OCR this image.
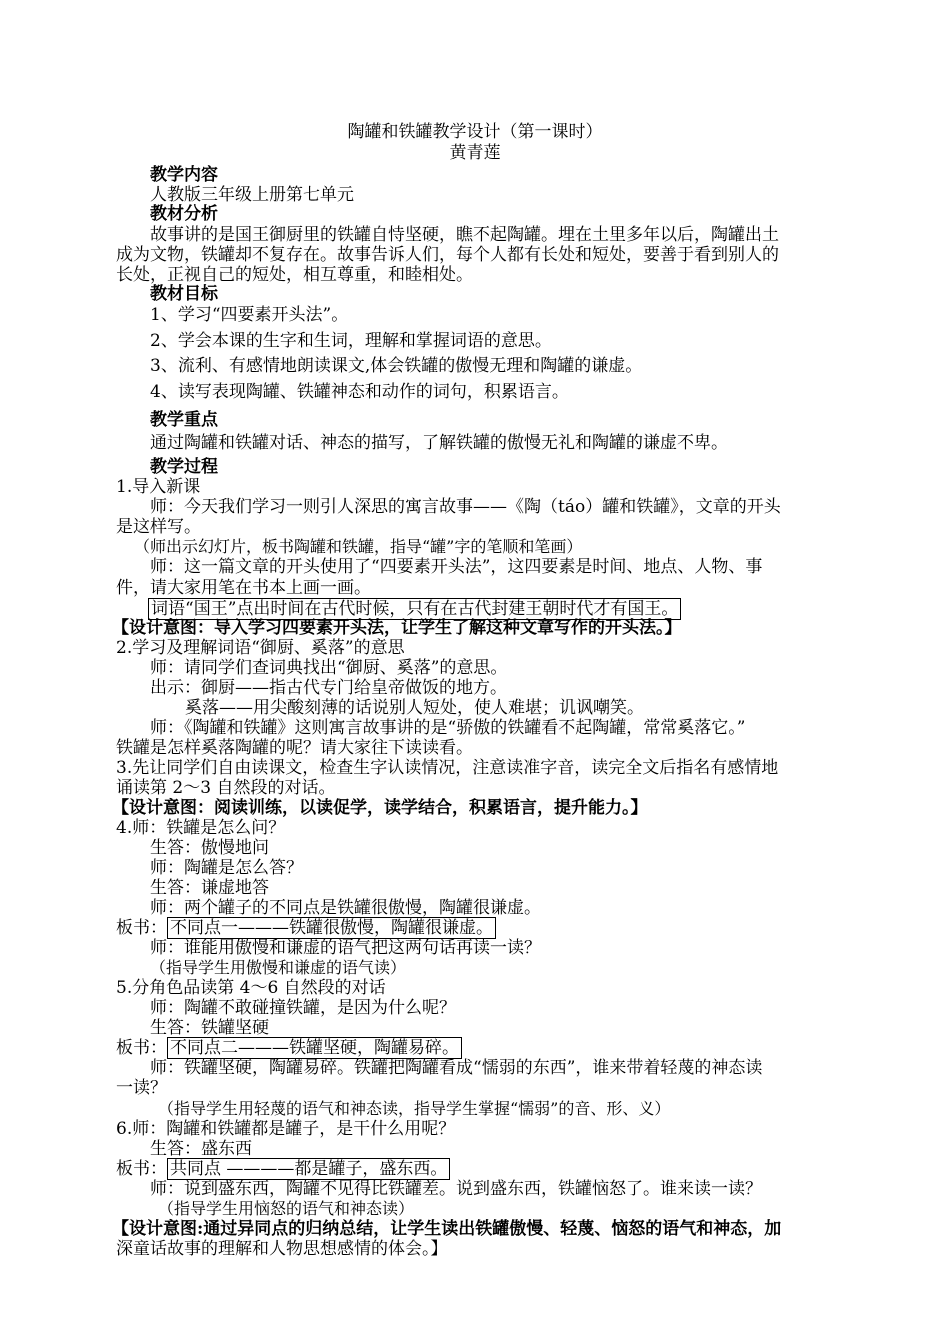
陶罐和铁罐教学设计（第一课时）
黄青莲
教学内容
人教版三年级上册第七单元
教材分析
故事讲的是国王御厨里的铁罐自恃坚硬，瞧不起陶罐。埋在土里多年以后，陶罐出土
成为文物，铁罐却不复存在。故事告诉人们，每个人都有长处和短处，要善于看到别人的
长处，正视自己的短处，相互尊重，和睦相处。
教材目标
1、学习“四要素开头法”。
2、学会本课的生字和生词，理解和掌握词语的意思。
3、流利、有感情地朗读课文,体会铁罐的傲慢无理和陶罐的谦虚。
4、读写表现陶罐、铁罐神态和动作的词句，积累语言。
教学重点
通过陶罐和铁罐对话、神态的描写，了解铁罐的傲慢无礼和陶罐的谦虚不卑。
教学过程
1.导入新课
师：今天我们学习一则引人深思的寓言故事——《陶（táo）罐和铁罐》，文章的开头
是这样写。
（师出示幻灯片，板书陶罐和铁罐，指导“罐”字的笔顺和笔画）
师：这一篇文章的开头使用了“四要素开头法”，这四要素是时间、地点、人物、事
件，请大家用笔在书本上画一画。
词语“国王”点出时间在古代时候，只有在古代封建王朝时代才有国王。
【设计意图：导入学习四要素开头法，让学生了解这种文章写作的开头法。】
2.学习及理解词语“御厨、奚落”的意思
师：请同学们查词典找出“御厨、奚落”的意思。
出示：御厨——指古代专门给皇帝做饭的地方。
奚落——用尖酸刻薄的话说别人短处，使人难堪；讥讽嘲笑。
师：《陶罐和铁罐》这则寓言故事讲的是“骄傲的铁罐看不起陶罐，常常奚落它。”
铁罐是怎样奚落陶罐的呢？请大家往下读读看。
3.先让同学们自由读课文，检查生字认读情况，注意读准字音，读完全文后指名有感情地
诵读第 2～3 自然段的对话。
【设计意图：阅读训练，以读促学，读学结合，积累语言，提升能力。】
4.师：铁罐是怎么问？
生答：傲慢地问
师：陶罐是怎么答？
生答：谦虚地答
师：两个罐子的不同点是铁罐很傲慢，陶罐很谦虚。
板书： 不同点一———铁罐很傲慢，陶罐很谦虚。
师：谁能用傲慢和谦虚的语气把这两句话再读一读？
（指导学生用傲慢和谦虚的语气读）
5.分角色品读第 4～6 自然段的对话
师：陶罐不敢碰撞铁罐，是因为什么呢？
生答：铁罐坚硬
板书： 不同点二———铁罐坚硬，陶罐易碎。
师：铁罐坚硬，陶罐易碎。铁罐把陶罐看成“懦弱的东西”，谁来带着轻蔑的神态读
一读？
（指导学生用轻蔑的语气和神态读，指导学生掌握“懦弱”的音、形、义）
6.师：陶罐和铁罐都是罐子，是干什么用呢？
生答：盛东西
板书： 共同点 ————都是罐子，盛东西。
师：说到盛东西，陶罐不见得比铁罐差。说到盛东西，铁罐恼怒了。谁来读一读？
（指导学生用恼怒的语气和神态读）
【设计意图:通过异同点的归纳总结，让学生读出铁罐傲慢、轻蔑、恼怒的语气和神态，加
深童话故事的理解和人物思想感情的体会。】
